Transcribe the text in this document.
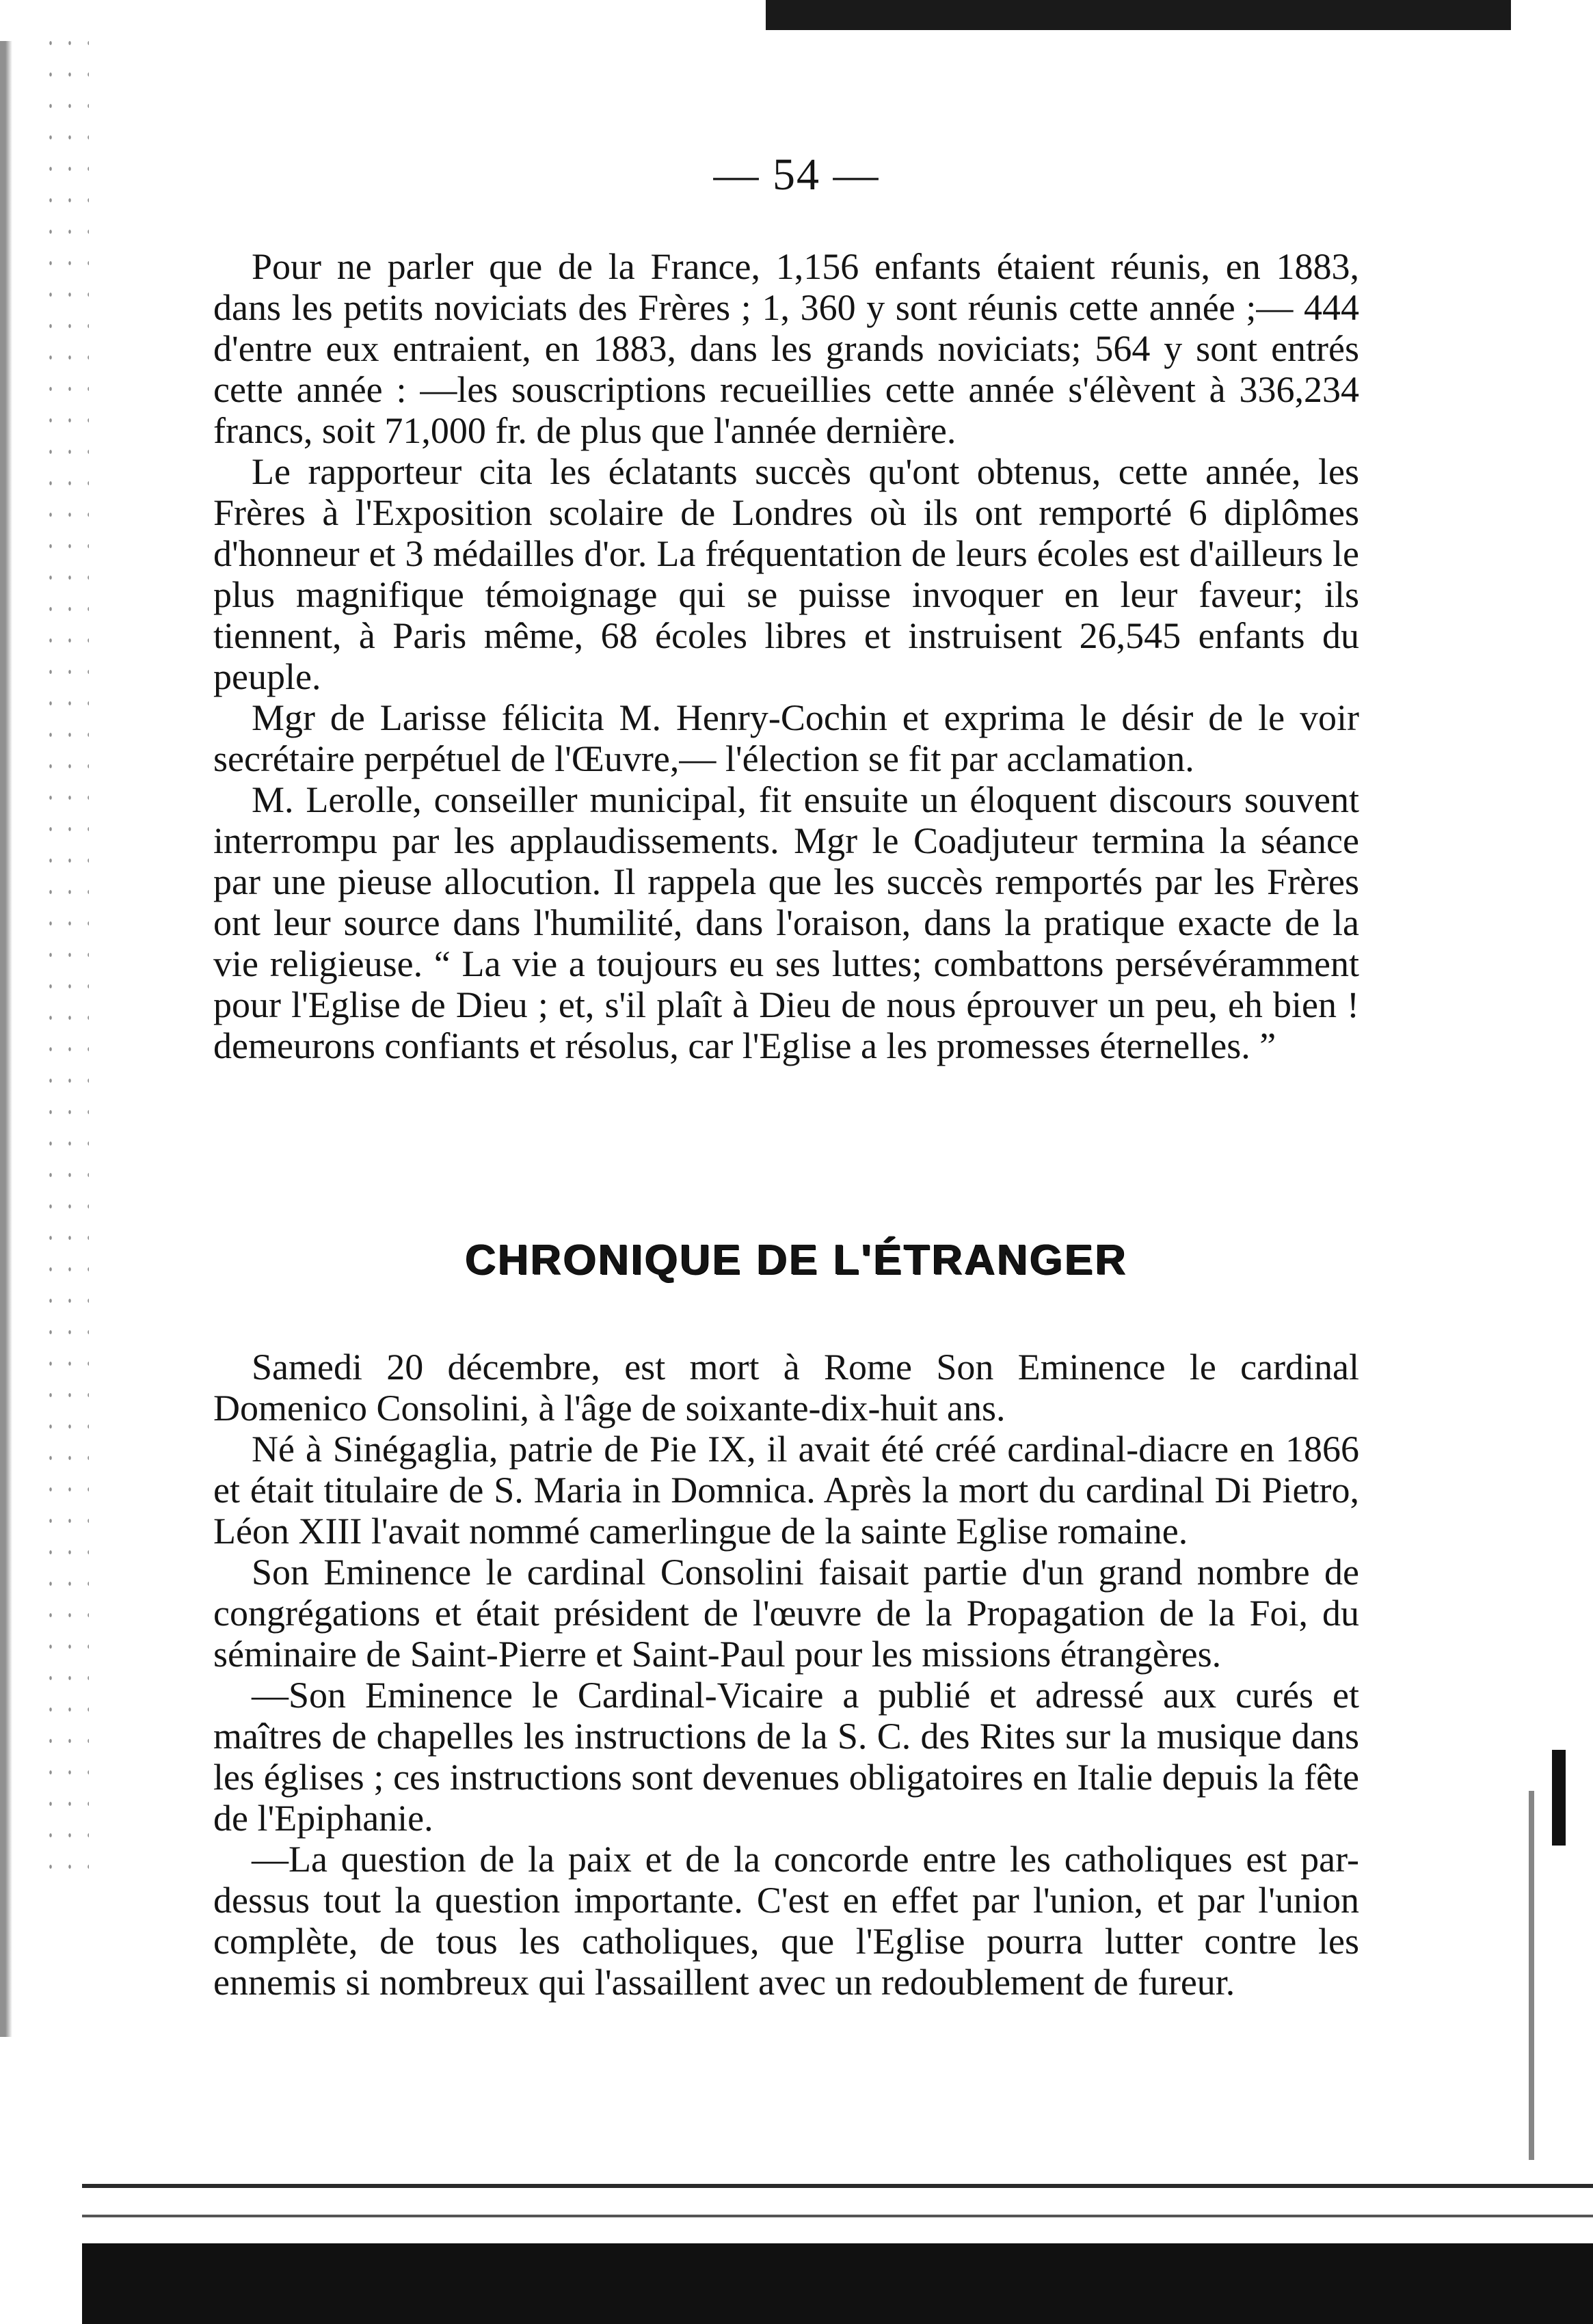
— 54 —

Pour ne parler que de la France, 1,156 enfants étaient réunis, en 1883, dans les petits noviciats des Frères ; 1, 360 y sont réunis cette année ;— 444 d'entre eux entraient, en 1883, dans les grands noviciats; 564 y sont entrés cette année : —les souscriptions recueillies cette année s'élèvent à 336,234 francs, soit 71,000 fr. de plus que l'année dernière.

Le rapporteur cita les éclatants succès qu'ont obtenus, cette année, les Frères à l'Exposition scolaire de Londres où ils ont remporté 6 diplômes d'honneur et 3 médailles d'or. La fréquentation de leurs écoles est d'ailleurs le plus magnifique témoignage qui se puisse invoquer en leur faveur; ils tiennent, à Paris même, 68 écoles libres et instruisent 26,545 enfants du peuple.

Mgr de Larisse félicita M. Henry-Cochin et exprima le désir de le voir secrétaire perpétuel de l'Œuvre,— l'élection se fit par acclamation.

M. Lerolle, conseiller municipal, fit ensuite un éloquent discours souvent interrompu par les applaudissements. Mgr le Coadjuteur termina la séance par une pieuse allocution. Il rappela que les succès remportés par les Frères ont leur source dans l'humilité, dans l'oraison, dans la pratique exacte de la vie religieuse. “ La vie a toujours eu ses luttes; combattons persévéramment pour l'Eglise de Dieu ; et, s'il plaît à Dieu de nous éprouver un peu, eh bien ! demeurons confiants et résolus, car l'Eglise a les promesses éternelles. ”

CHRONIQUE DE L'ÉTRANGER

Samedi 20 décembre, est mort à Rome Son Eminence le cardinal Domenico Consolini, à l'âge de soixante-dix-huit ans.

Né à Sinégaglia, patrie de Pie IX, il avait été créé cardinal-diacre en 1866 et était titulaire de S. Maria in Domnica. Après la mort du cardinal Di Pietro, Léon XIII l'avait nommé camerlingue de la sainte Eglise romaine.

Son Eminence le cardinal Consolini faisait partie d'un grand nombre de congrégations et était président de l'œuvre de la Propagation de la Foi, du séminaire de Saint-Pierre et Saint-Paul pour les missions étrangères.

—Son Eminence le Cardinal-Vicaire a publié et adressé aux curés et maîtres de chapelles les instructions de la S. C. des Rites sur la musique dans les églises ; ces instructions sont devenues obligatoires en Italie depuis la fête de l'Epiphanie.

—La question de la paix et de la concorde entre les catholiques est par-dessus tout la question importante. C'est en effet par l'union, et par l'union complète, de tous les catholiques, que l'Eglise pourra lutter contre les ennemis si nombreux qui l'assaillent avec un redoublement de fureur.
